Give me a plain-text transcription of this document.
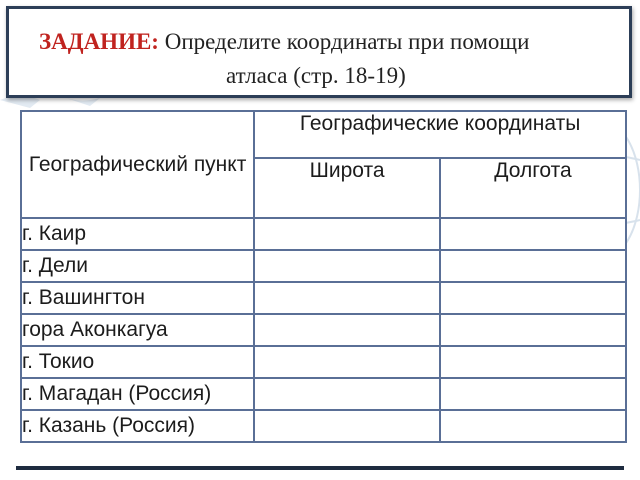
ЗАДАНИЕ: Определите координаты при помощи
атласа (стр. 18-19)
Географический пункт	Географические координаты	
	Широта	Долгота
г. Каир		
г. Дели		
г. Вашингтон		
гора Аконкагуа		
г. Токио		
г. Магадан (Россия)		
г. Казань (Россия)		
